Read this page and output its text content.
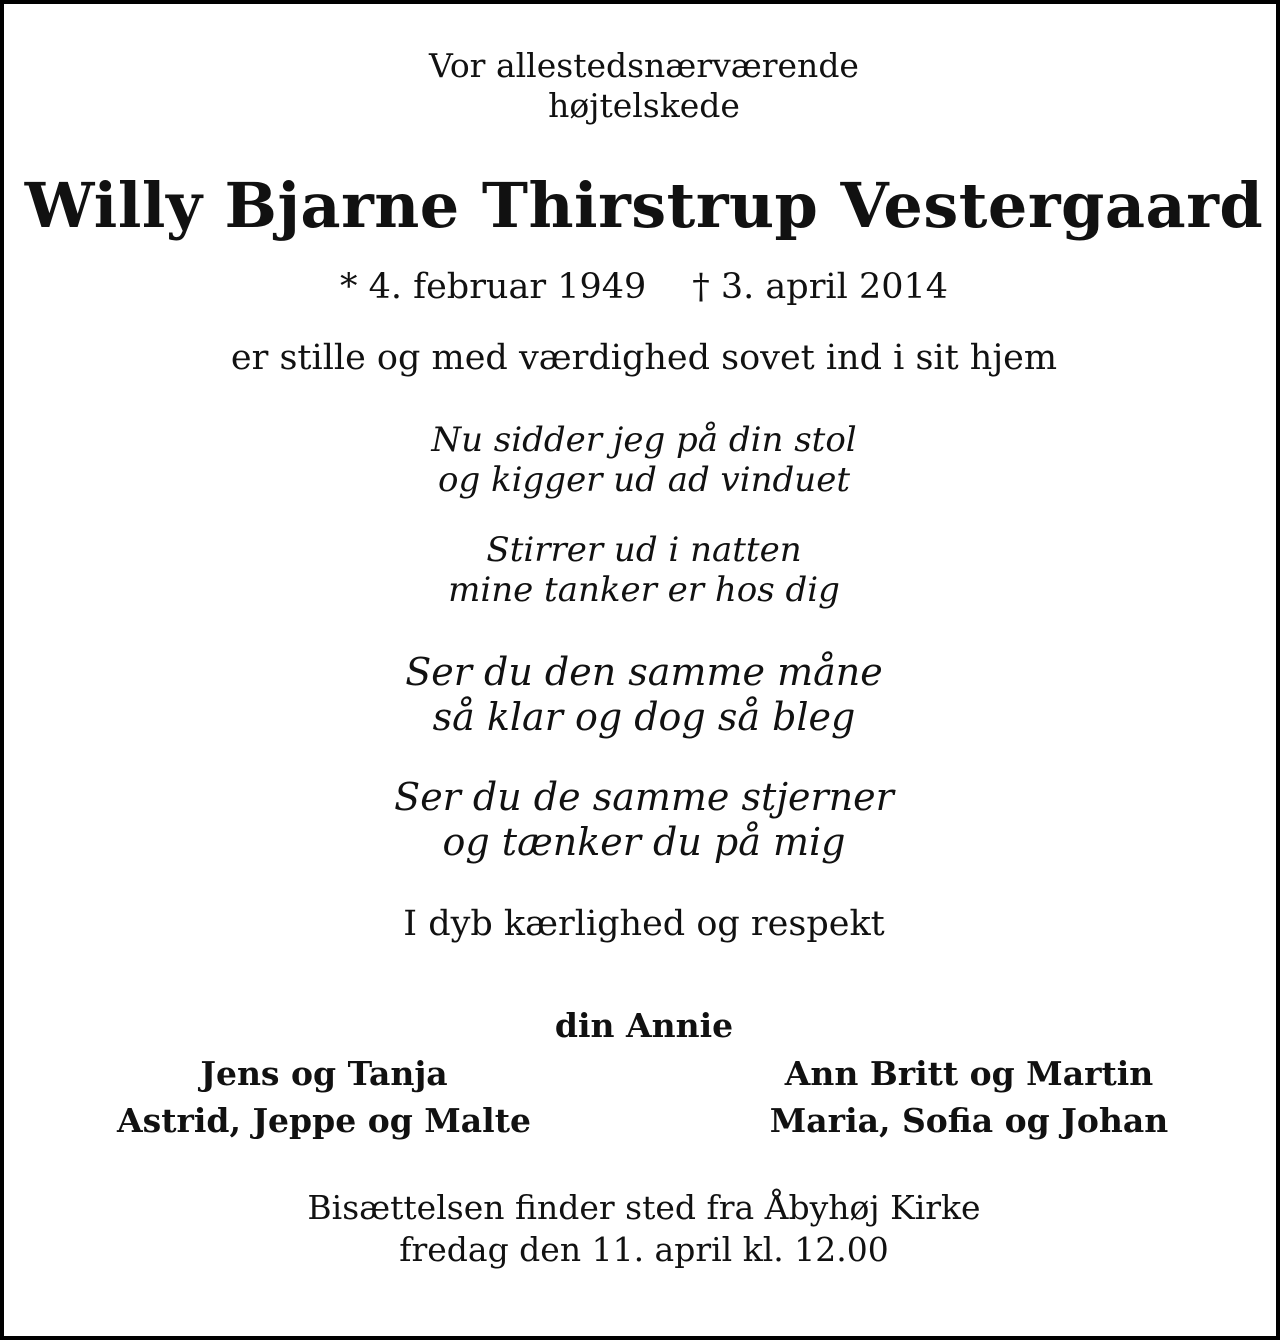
Vor allestedsnærværende

højtelskede

Willy Bjarne Thirstrup Vestergaard

* 4. februar 1949 † 3. april 2014

er stille og med værdighed sovet ind i sit hjem

Nu sidder jeg på din stol

og kigger ud ad vinduet

Stirrer ud i natten

mine tanker er hos dig

Ser du den samme måne

så klar og dog så bleg

Ser du de samme stjerner

og tænker du på mig

I dyb kærlighed og respekt

din Annie

Jens og Tanja
Astrid, Jeppe og Malte
Ann Britt og Martin
Maria, Sofia og Johan

Bisættelsen finder sted fra Åbyhøj Kirke

fredag den 11. april kl. 12.00
